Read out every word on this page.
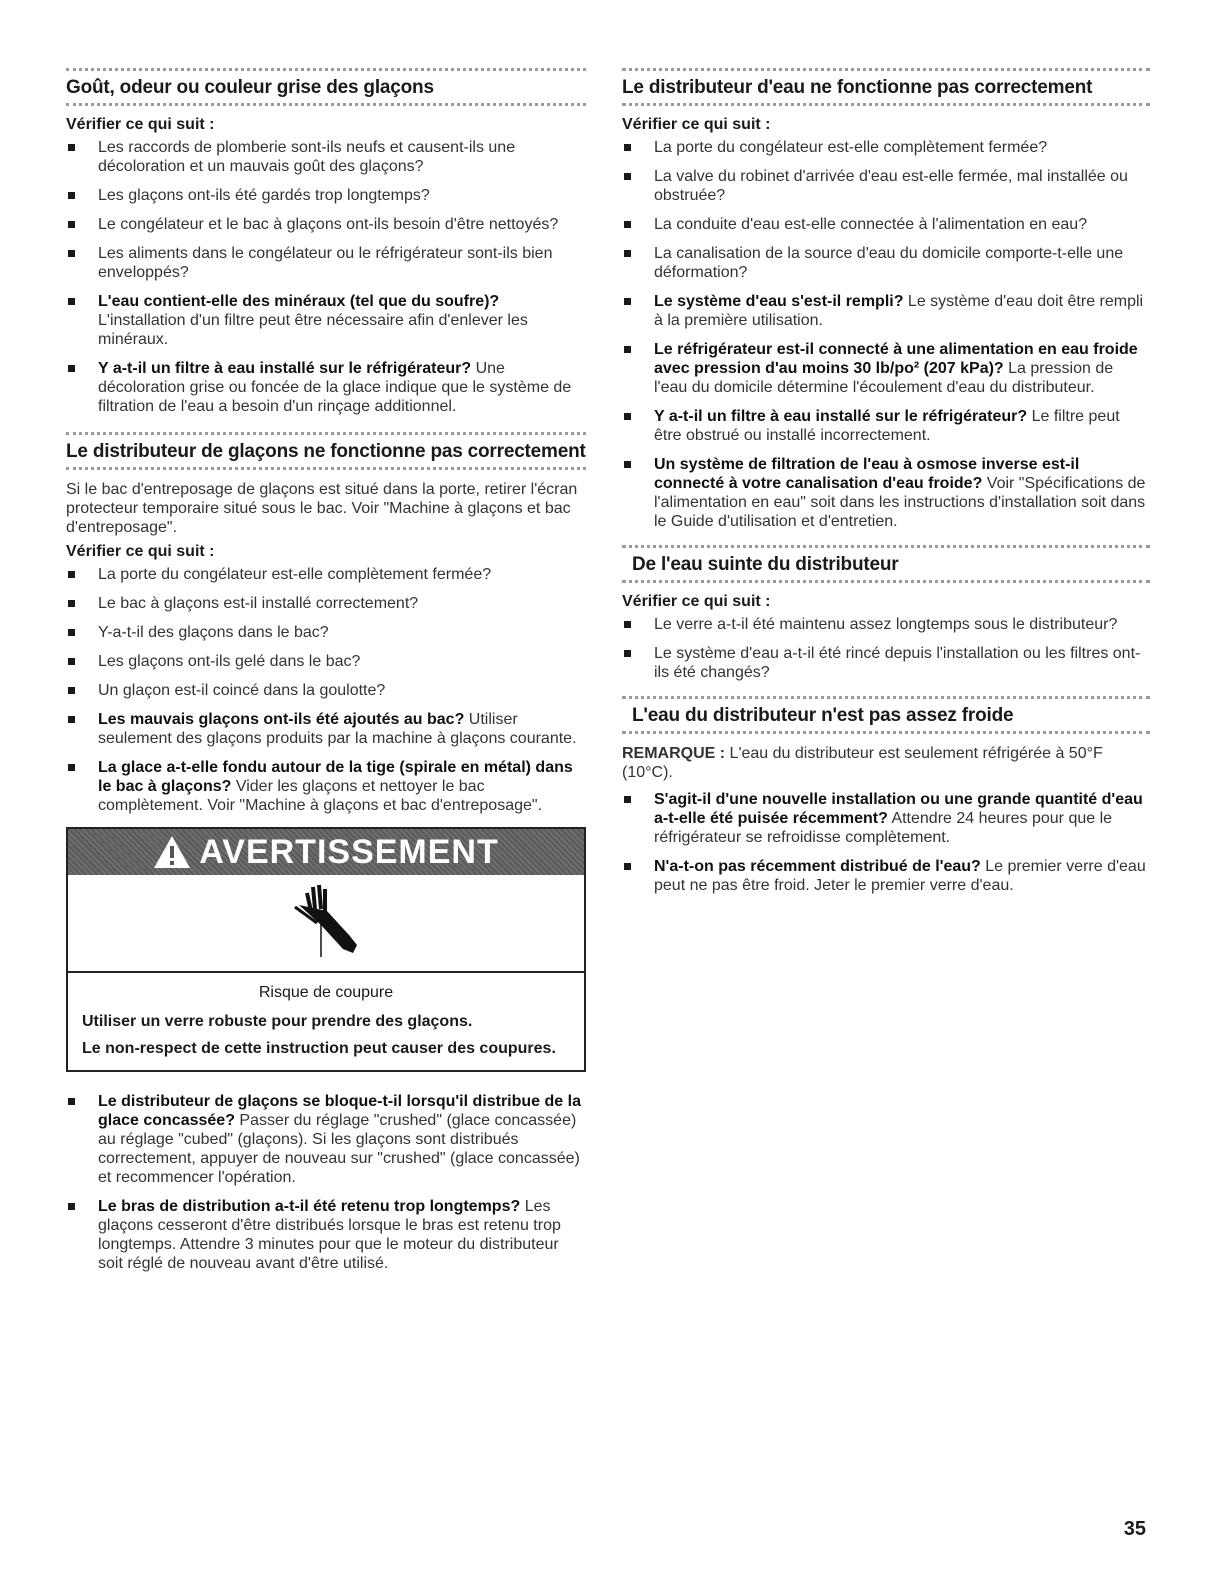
Goût, odeur ou couleur grise des glaçons
Vérifier ce qui suit :
Les raccords de plomberie sont-ils neufs et causent-ils une décoloration et un mauvais goût des glaçons?
Les glaçons ont-ils été gardés trop longtemps?
Le congélateur et le bac à glaçons ont-ils besoin d'être nettoyés?
Les aliments dans le congélateur ou le réfrigérateur sont-ils bien enveloppés?
L'eau contient-elle des minéraux (tel que du soufre)? L'installation d'un filtre peut être nécessaire afin d'enlever les minéraux.
Y a-t-il un filtre à eau installé sur le réfrigérateur? Une décoloration grise ou foncée de la glace indique que le système de filtration de l'eau a besoin d'un rinçage additionnel.
Le distributeur de glaçons ne fonctionne pas correctement

Si le bac d'entreposage de glaçons est situé dans la porte, retirer l'écran protecteur temporaire situé sous le bac. Voir "Machine à glaçons et bac d'entreposage".

Vérifier ce qui suit :
La porte du congélateur est-elle complètement fermée?
Le bac à glaçons est-il installé correctement?
Y-a-t-il des glaçons dans le bac?
Les glaçons ont-ils gelé dans le bac?
Un glaçon est-il coincé dans la goulotte?
Les mauvais glaçons ont-ils été ajoutés au bac? Utiliser seulement des glaçons produits par la machine à glaçons courante.
La glace a-t-elle fondu autour de la tige (spirale en métal) dans le bac à glaçons? Vider les glaçons et nettoyer le bac complètement. Voir "Machine à glaçons et bac d'entreposage".
AVERTISSEMENT
Risque de coupure
Utiliser un verre robuste pour prendre des glaçons.
Le non-respect de cette instruction peut causer des coupures.
Le distributeur de glaçons se bloque-t-il lorsqu'il distribue de la glace concassée? Passer du réglage "crushed" (glace concassée) au réglage "cubed" (glaçons). Si les glaçons sont distribués correctement, appuyer de nouveau sur "crushed" (glace concassée) et recommencer l'opération.
Le bras de distribution a-t-il été retenu trop longtemps? Les glaçons cesseront d'être distribués lorsque le bras est retenu trop longtemps. Attendre 3 minutes pour que le moteur du distributeur soit réglé de nouveau avant d'être utilisé.
Le distributeur d'eau ne fonctionne pas correctement
Vérifier ce qui suit :
La porte du congélateur est-elle complètement fermée?
La valve du robinet d'arrivée d'eau est-elle fermée, mal installée ou obstruée?
La conduite d'eau est-elle connectée à l'alimentation en eau?
La canalisation de la source d'eau du domicile comporte-t-elle une déformation?
Le système d'eau s'est-il rempli? Le système d'eau doit être rempli à la première utilisation.
Le réfrigérateur est-il connecté à une alimentation en eau froide avec pression d'au moins 30 lb/po² (207 kPa)? La pression de l'eau du domicile détermine l'écoulement d'eau du distributeur.
Y a-t-il un filtre à eau installé sur le réfrigérateur? Le filtre peut être obstrué ou installé incorrectement.
Un système de filtration de l'eau à osmose inverse est-il connecté à votre canalisation d'eau froide? Voir "Spécifications de l'alimentation en eau" soit dans les instructions d'installation soit dans le Guide d'utilisation et d'entretien.
De l'eau suinte du distributeur
Vérifier ce qui suit :
Le verre a-t-il été maintenu assez longtemps sous le distributeur?
Le système d'eau a-t-il été rincé depuis l'installation ou les filtres ont-ils été changés?
L'eau du distributeur n'est pas assez froide

REMARQUE : L'eau du distributeur est seulement réfrigérée à 50°F (10°C).

S'agit-il d'une nouvelle installation ou une grande quantité d'eau a-t-elle été puisée récemment? Attendre 24 heures pour que le réfrigérateur se refroidisse complètement.
N'a-t-on pas récemment distribué de l'eau? Le premier verre d'eau peut ne pas être froid. Jeter le premier verre d'eau.
35
